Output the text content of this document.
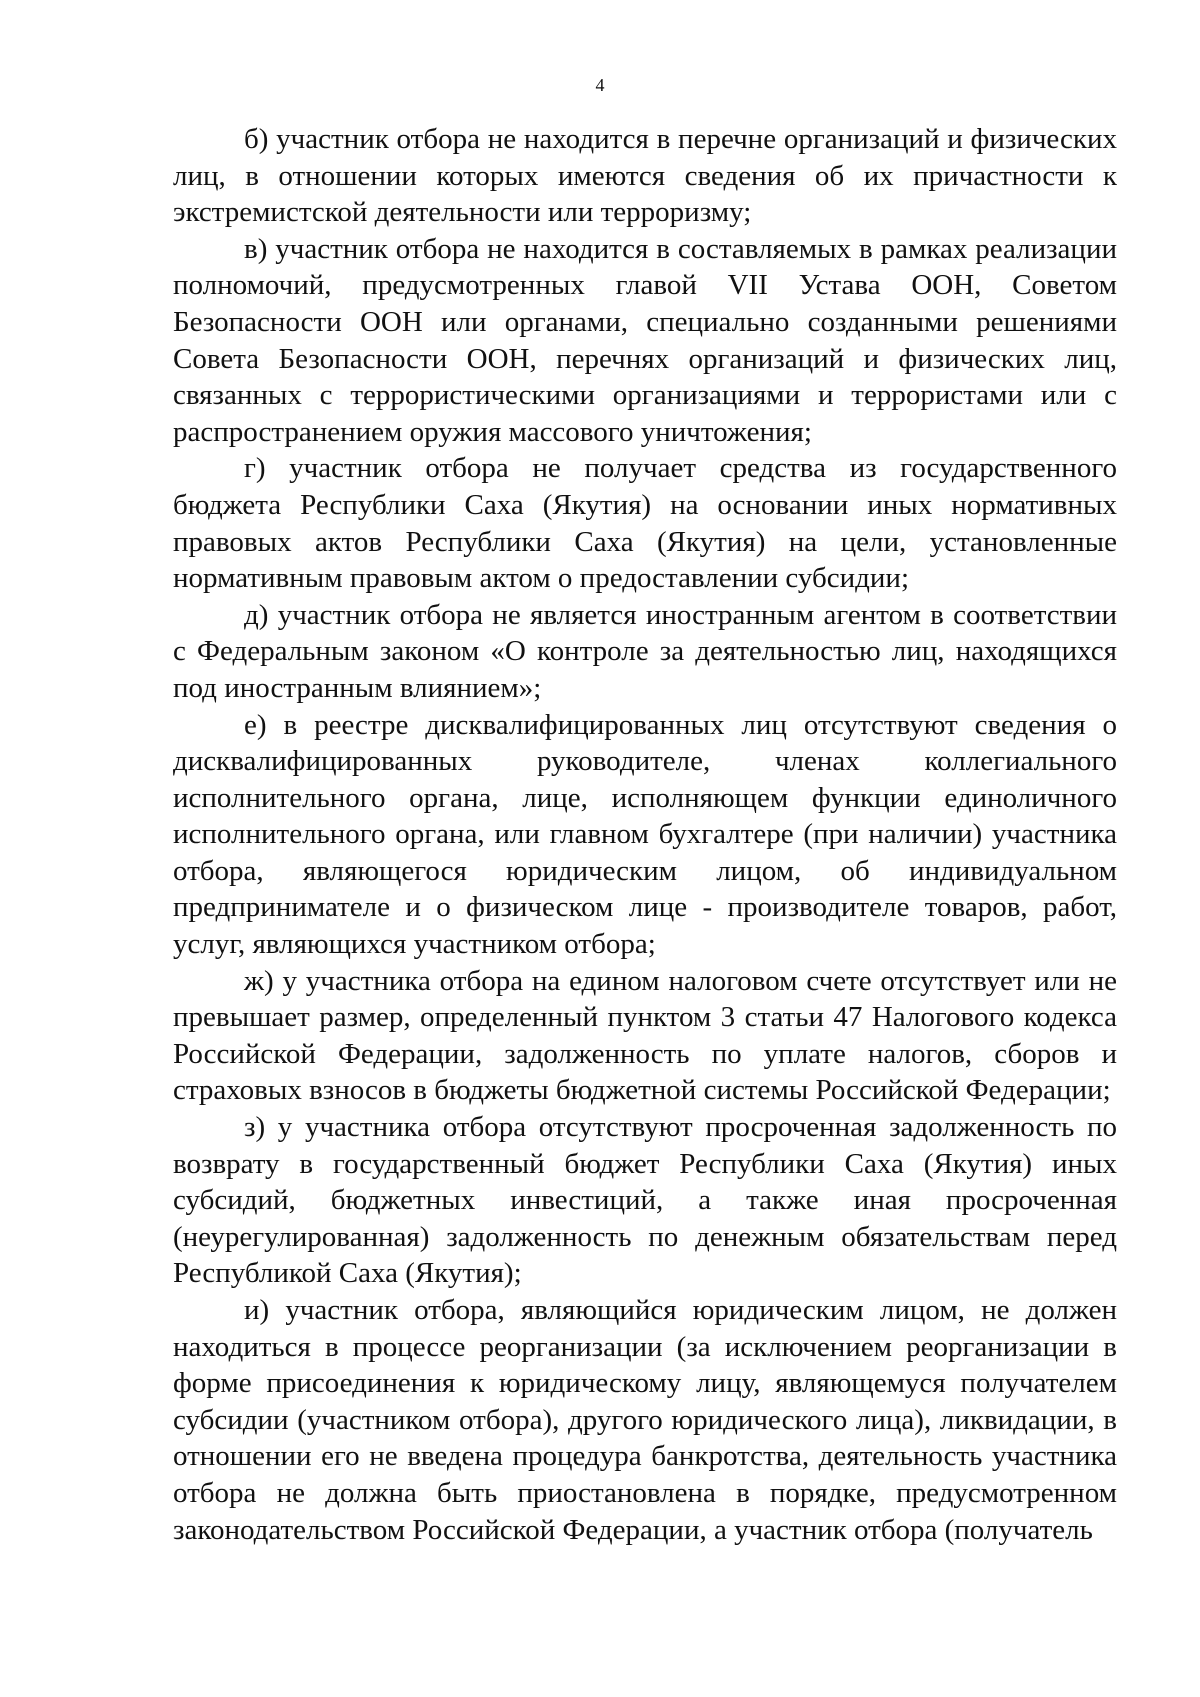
4

б) участник отбора не находится в перечне организаций и физических лиц, в отношении которых имеются сведения об их причастности к экстремистской деятельности или терроризму;

в) участник отбора не находится в составляемых в рамках реализации полномочий, предусмотренных главой VII Устава ООН, Советом Безопасности ООН или органами, специально созданными решениями Совета Безопасности ООН, перечнях организаций и физических лиц, связанных с террористическими организациями и террористами или с распространением оружия массового уничтожения;

г) участник отбора не получает средства из государственного бюджета Республики Саха (Якутия) на основании иных нормативных правовых актов Республики Саха (Якутия) на цели, установленные нормативным правовым актом о предоставлении субсидии;

д) участник отбора не является иностранным агентом в соответствии с Федеральным законом «О контроле за деятельностью лиц, находящихся под иностранным влиянием»;

е) в реестре дисквалифицированных лиц отсутствуют сведения о дисквалифицированных руководителе, членах коллегиального исполнительного органа, лице, исполняющем функции единоличного исполнительного органа, или главном бухгалтере (при наличии) участника отбора, являющегося юридическим лицом, об индивидуальном предпринимателе и о физическом лице - производителе товаров, работ, услуг, являющихся участником отбора;

ж) у участника отбора на едином налоговом счете отсутствует или не превышает размер, определенный пунктом 3 статьи 47 Налогового кодекса Российской Федерации, задолженность по уплате налогов, сборов и страховых взносов в бюджеты бюджетной системы Российской Федерации;

з) у участника отбора отсутствуют просроченная задолженность по возврату в государственный бюджет Республики Саха (Якутия) иных субсидий, бюджетных инвестиций, а также иная просроченная (неурегулированная) задолженность по денежным обязательствам перед Республикой Саха (Якутия);

и) участник отбора, являющийся юридическим лицом, не должен находиться в процессе реорганизации (за исключением реорганизации в форме присоединения к юридическому лицу, являющемуся получателем субсидии (участником отбора), другого юридического лица), ликвидации, в отношении его не введена процедура банкротства, деятельность участника отбора не должна быть приостановлена в порядке, предусмотренном законодательством Российской Федерации, а участник отбора (получатель
